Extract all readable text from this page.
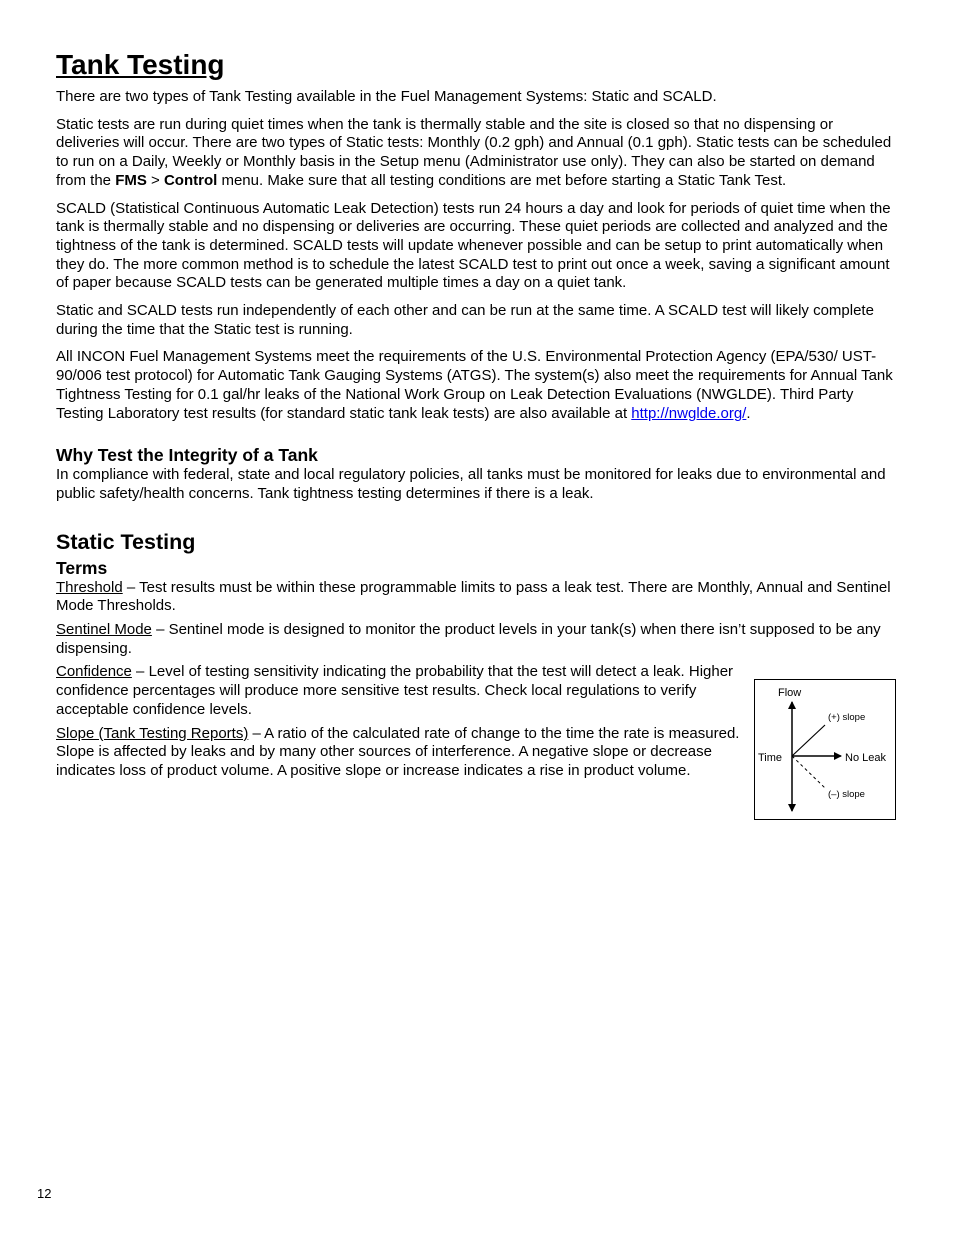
Tank Testing

There are two types of Tank Testing available in the Fuel Management Systems: Static and SCALD.

Static tests are run during quiet times when the tank is thermally stable and the site is closed so that no dispensing or deliveries will occur. There are two types of Static tests: Monthly (0.2 gph) and Annual (0.1 gph). Static tests can be scheduled to run on a Daily, Weekly or Monthly basis in the Setup menu (Administrator use only). They can also be started on demand from the FMS > Control menu. Make sure that all testing conditions are met before starting a Static Tank Test.

SCALD (Statistical Continuous Automatic Leak Detection) tests run 24 hours a day and look for periods of quiet time when the tank is thermally stable and no dispensing or deliveries are occurring. These quiet periods are collected and analyzed and the tightness of the tank is determined. SCALD tests will update whenever possible and can be setup to print automatically when they do. The more common method is to schedule the latest SCALD test to print out once a week, saving a significant amount of paper because SCALD tests can be generated multiple times a day on a quiet tank.

Static and SCALD tests run independently of each other and can be run at the same time. A SCALD test will likely complete during the time that the Static test is running.

All INCON Fuel Management Systems meet the requirements of the U.S. Environmental Protection Agency (EPA/530/ UST-90/006 test protocol) for Automatic Tank Gauging Systems (ATGS). The system(s) also meet the requirements for Annual Tank Tightness Testing for 0.1 gal/hr leaks of the National Work Group on Leak Detection Evaluations (NWGLDE). Third Party Testing Laboratory test results (for standard static tank leak tests) are also available at http://nwglde.org/.

Why Test the Integrity of a Tank

In compliance with federal, state and local regulatory policies, all tanks must be monitored for leaks due to environmental and public safety/health concerns. Tank tightness testing determines if there is a leak.

Static Testing
Terms

Threshold – Test results must be within these programmable limits to pass a leak test. There are Monthly, Annual and Sentinel Mode Thresholds.

Sentinel Mode – Sentinel mode is designed to monitor the product levels in your tank(s) when there isn’t supposed to be any dispensing.

Confidence – Level of testing sensitivity indicating the probability that the test will detect a leak. Higher confidence percentages will produce more sensitive test results. Check local regulations to verify acceptable confidence levels.

Slope (Tank Testing Reports) – A ratio of the calculated rate of change to the time the rate is measured. Slope is affected by leaks and by many other sources of interference. A negative slope or decrease indicates loss of product volume. A positive slope or increase indicates a rise in product volume.

Flow
(+) slope
Time	No Leak
(–) slope
12
